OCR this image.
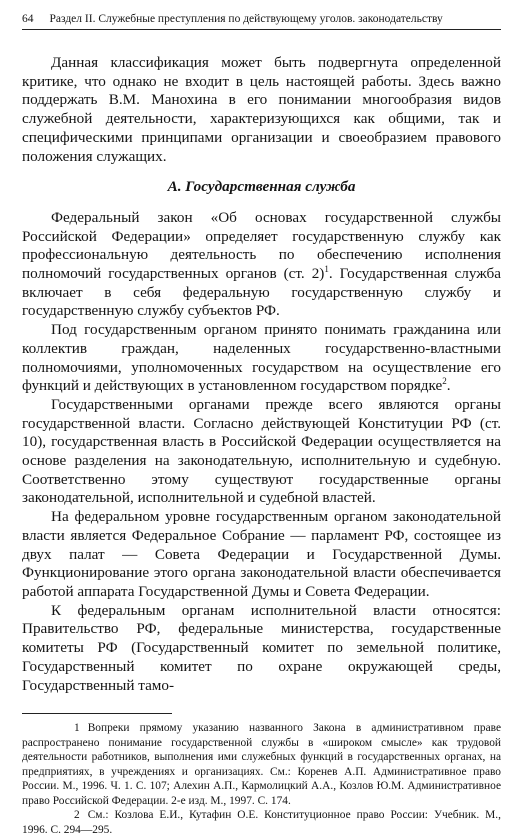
64 Раздел II. Служебные преступления по действующему уголов. законодательству

Данная классификация может быть подвергнута определенной критике, что однако не входит в цель настоящей работы. Здесь важно поддержать В.М. Манохина в его понимании многообразия видов служебной деятельности, характеризующихся как общими, так и специфическими принципами организации и своеобразием правового положения служащих.

А. Государственная служба

Федеральный закон «Об основах государственной службы Российской Федерации» определяет государственную службу как профессиональную деятельность по обеспечению исполнения полномочий государственных органов (ст. 2)$^1$. Государственная служба включает в себя федеральную государственную службу и государственную службу субъектов РФ.

Под государственным органом принято понимать гражданина или коллектив граждан, наделенных государственно-властными полномочиями, уполномоченных государством на осуществление его функций и действующих в установленном государством порядке$^2$.

Государственными органами прежде всего являются органы государственной власти. Согласно действующей Конституции РФ (ст. 10), государственная власть в Российской Федерации осуществляется на основе разделения на законодательную, исполнительную и судебную. Соответственно этому существуют государственные органы законодательной, исполнительной и судебной властей.

На федеральном уровне государственным органом законодательной власти является Федеральное Собрание — парламент РФ, состоящее из двух палат — Совета Федерации и Государственной Думы. Функционирование этого органа законодательной власти обеспечивается работой аппарата Государственной Думы и Совета Федерации.

К федеральным органам исполнительной власти относятся: Правительство РФ, федеральные министерства, государственные комитеты РФ (Государственный комитет по земельной политике, Государственный комитет по охране окружающей среды, Государственный тамо-

1 Вопреки прямому указанию названного Закона в административном праве распространено понимание государственной службы в «широком смысле» как трудовой деятельности работников, выполнения ими служебных функций в государственных органах, на предприятиях, в учреждениях и организациях. См.: Коренев А.П. Административное право России. М., 1996. Ч. 1. С. 107; Алехин А.П., Кармолицкий А.А., Козлов Ю.М. Административное право Российской Федерации. 2-е изд. М., 1997. С. 174.

2 См.: Козлова Е.И., Кутафин О.Е. Конституционное право России: Учебник. М., 1996. С. 294—295.
